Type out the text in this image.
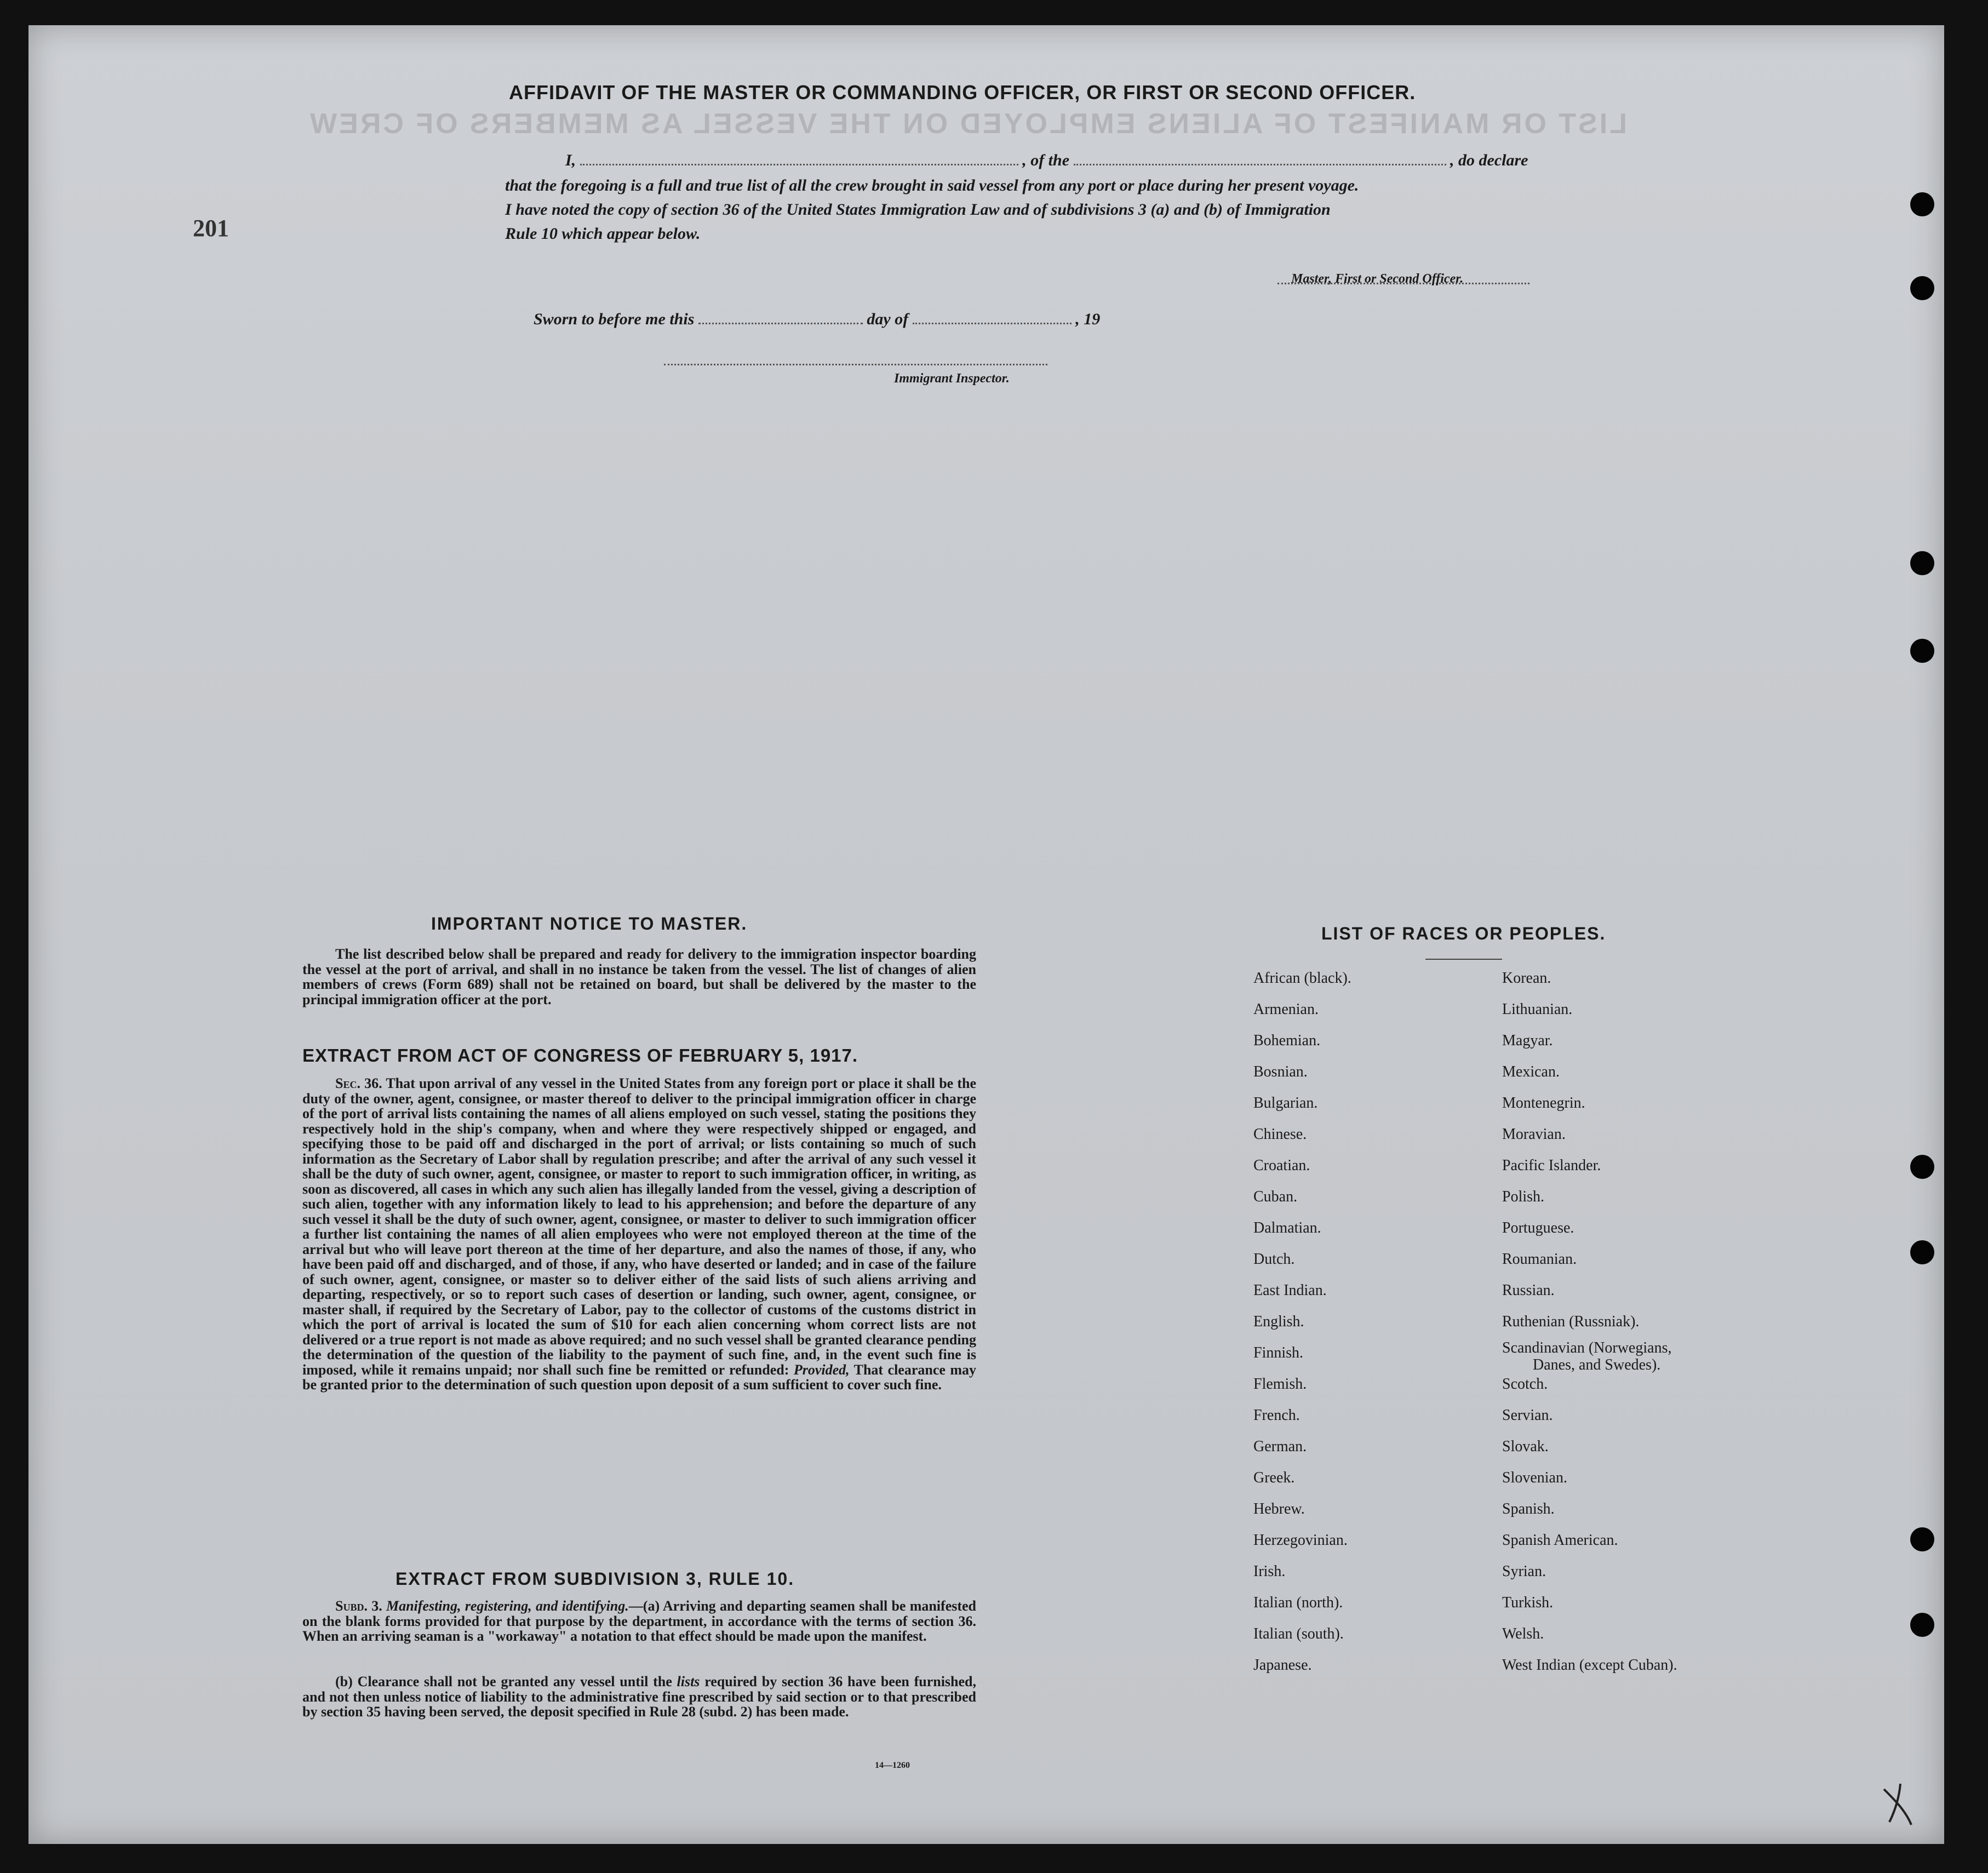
LIST OR MANIFEST OF ALIENS EMPLOYED ON THE VESSEL AS MEMBERS OF CREW
201
AFFIDAVIT OF THE MASTER OR COMMANDING OFFICER, OR FIRST OR SECOND OFFICER.
I,	, of the	, do declare
that the foregoing is a full and true list of all the crew brought in said vessel from any port or place during her present voyage.
I have noted the copy of section 36 of the United States Immigration Law and of subdivisions 3 (a) and (b) of Immigration
Rule 10 which appear below.
Master, First or Second Officer.
Sworn to before me this	day of	, 19
Immigrant Inspector.
IMPORTANT NOTICE TO MASTER.
The list described below shall be prepared and ready for delivery to the immigration inspector boarding the vessel at the port of arrival, and shall in no instance be taken from the vessel. The list of changes of alien members of crews (Form 689) shall not be retained on board, but shall be delivered by the master to the principal immigration officer at the port.
EXTRACT FROM ACT OF CONGRESS OF FEBRUARY 5, 1917.
Sec. 36. That upon arrival of any vessel in the United States from any foreign port or place it shall be the duty of the owner, agent, consignee, or master thereof to deliver to the principal immigration officer in charge of the port of arrival lists containing the names of all aliens employed on such vessel, stating the positions they respectively hold in the ship's company, when and where they were respectively shipped or engaged, and specifying those to be paid off and discharged in the port of arrival; or lists containing so much of such information as the Secretary of Labor shall by regulation prescribe; and after the arrival of any such vessel it shall be the duty of such owner, agent, consignee, or master to report to such immigration officer, in writing, as soon as discovered, all cases in which any such alien has illegally landed from the vessel, giving a description of such alien, together with any information likely to lead to his apprehension; and before the departure of any such vessel it shall be the duty of such owner, agent, consignee, or master to deliver to such immigration officer a further list containing the names of all alien employees who were not employed thereon at the time of the arrival but who will leave port thereon at the time of her departure, and also the names of those, if any, who have been paid off and discharged, and of those, if any, who have deserted or landed; and in case of the failure of such owner, agent, consignee, or master so to deliver either of the said lists of such aliens arriving and departing, respectively, or so to report such cases of desertion or landing, such owner, agent, consignee, or master shall, if required by the Secretary of Labor, pay to the collector of customs of the customs district in which the port of arrival is located the sum of $10 for each alien concerning whom correct lists are not delivered or a true report is not made as above required; and no such vessel shall be granted clearance pending the determination of the question of the liability to the payment of such fine, and, in the event such fine is imposed, while it remains unpaid; nor shall such fine be remitted or refunded: Provided, That clearance may be granted prior to the determination of such question upon deposit of a sum sufficient to cover such fine.
EXTRACT FROM SUBDIVISION 3, RULE 10.
Subd. 3. Manifesting, registering, and identifying.—(a) Arriving and departing seamen shall be manifested on the blank forms provided for that purpose by the department, in accordance with the terms of section 36. When an arriving seaman is a "workaway" a notation to that effect should be made upon the manifest.
(b) Clearance shall not be granted any vessel until the lists required by section 36 have been furnished, and not then unless notice of liability to the administrative fine prescribed by said section or to that prescribed by section 35 having been served, the deposit specified in Rule 28 (subd. 2) has been made.
14—1260
LIST OF RACES OR PEOPLES.
African (black).
Armenian.
Bohemian.
Bosnian.
Bulgarian.
Chinese.
Croatian.
Cuban.
Dalmatian.
Dutch.
East Indian.
English.
Finnish.
Flemish.
French.
German.
Greek.
Hebrew.
Herzegovinian.
Irish.
Italian (north).
Italian (south).
Japanese.
Korean.
Lithuanian.
Magyar.
Mexican.
Montenegrin.
Moravian.
Pacific Islander.
Polish.
Portuguese.
Roumanian.
Russian.
Ruthenian (Russniak).
Scandinavian (Norwegians,
Danes, and Swedes).
Scotch.
Servian.
Slovak.
Slovenian.
Spanish.
Spanish American.
Syrian.
Turkish.
Welsh.
West Indian (except Cuban).
